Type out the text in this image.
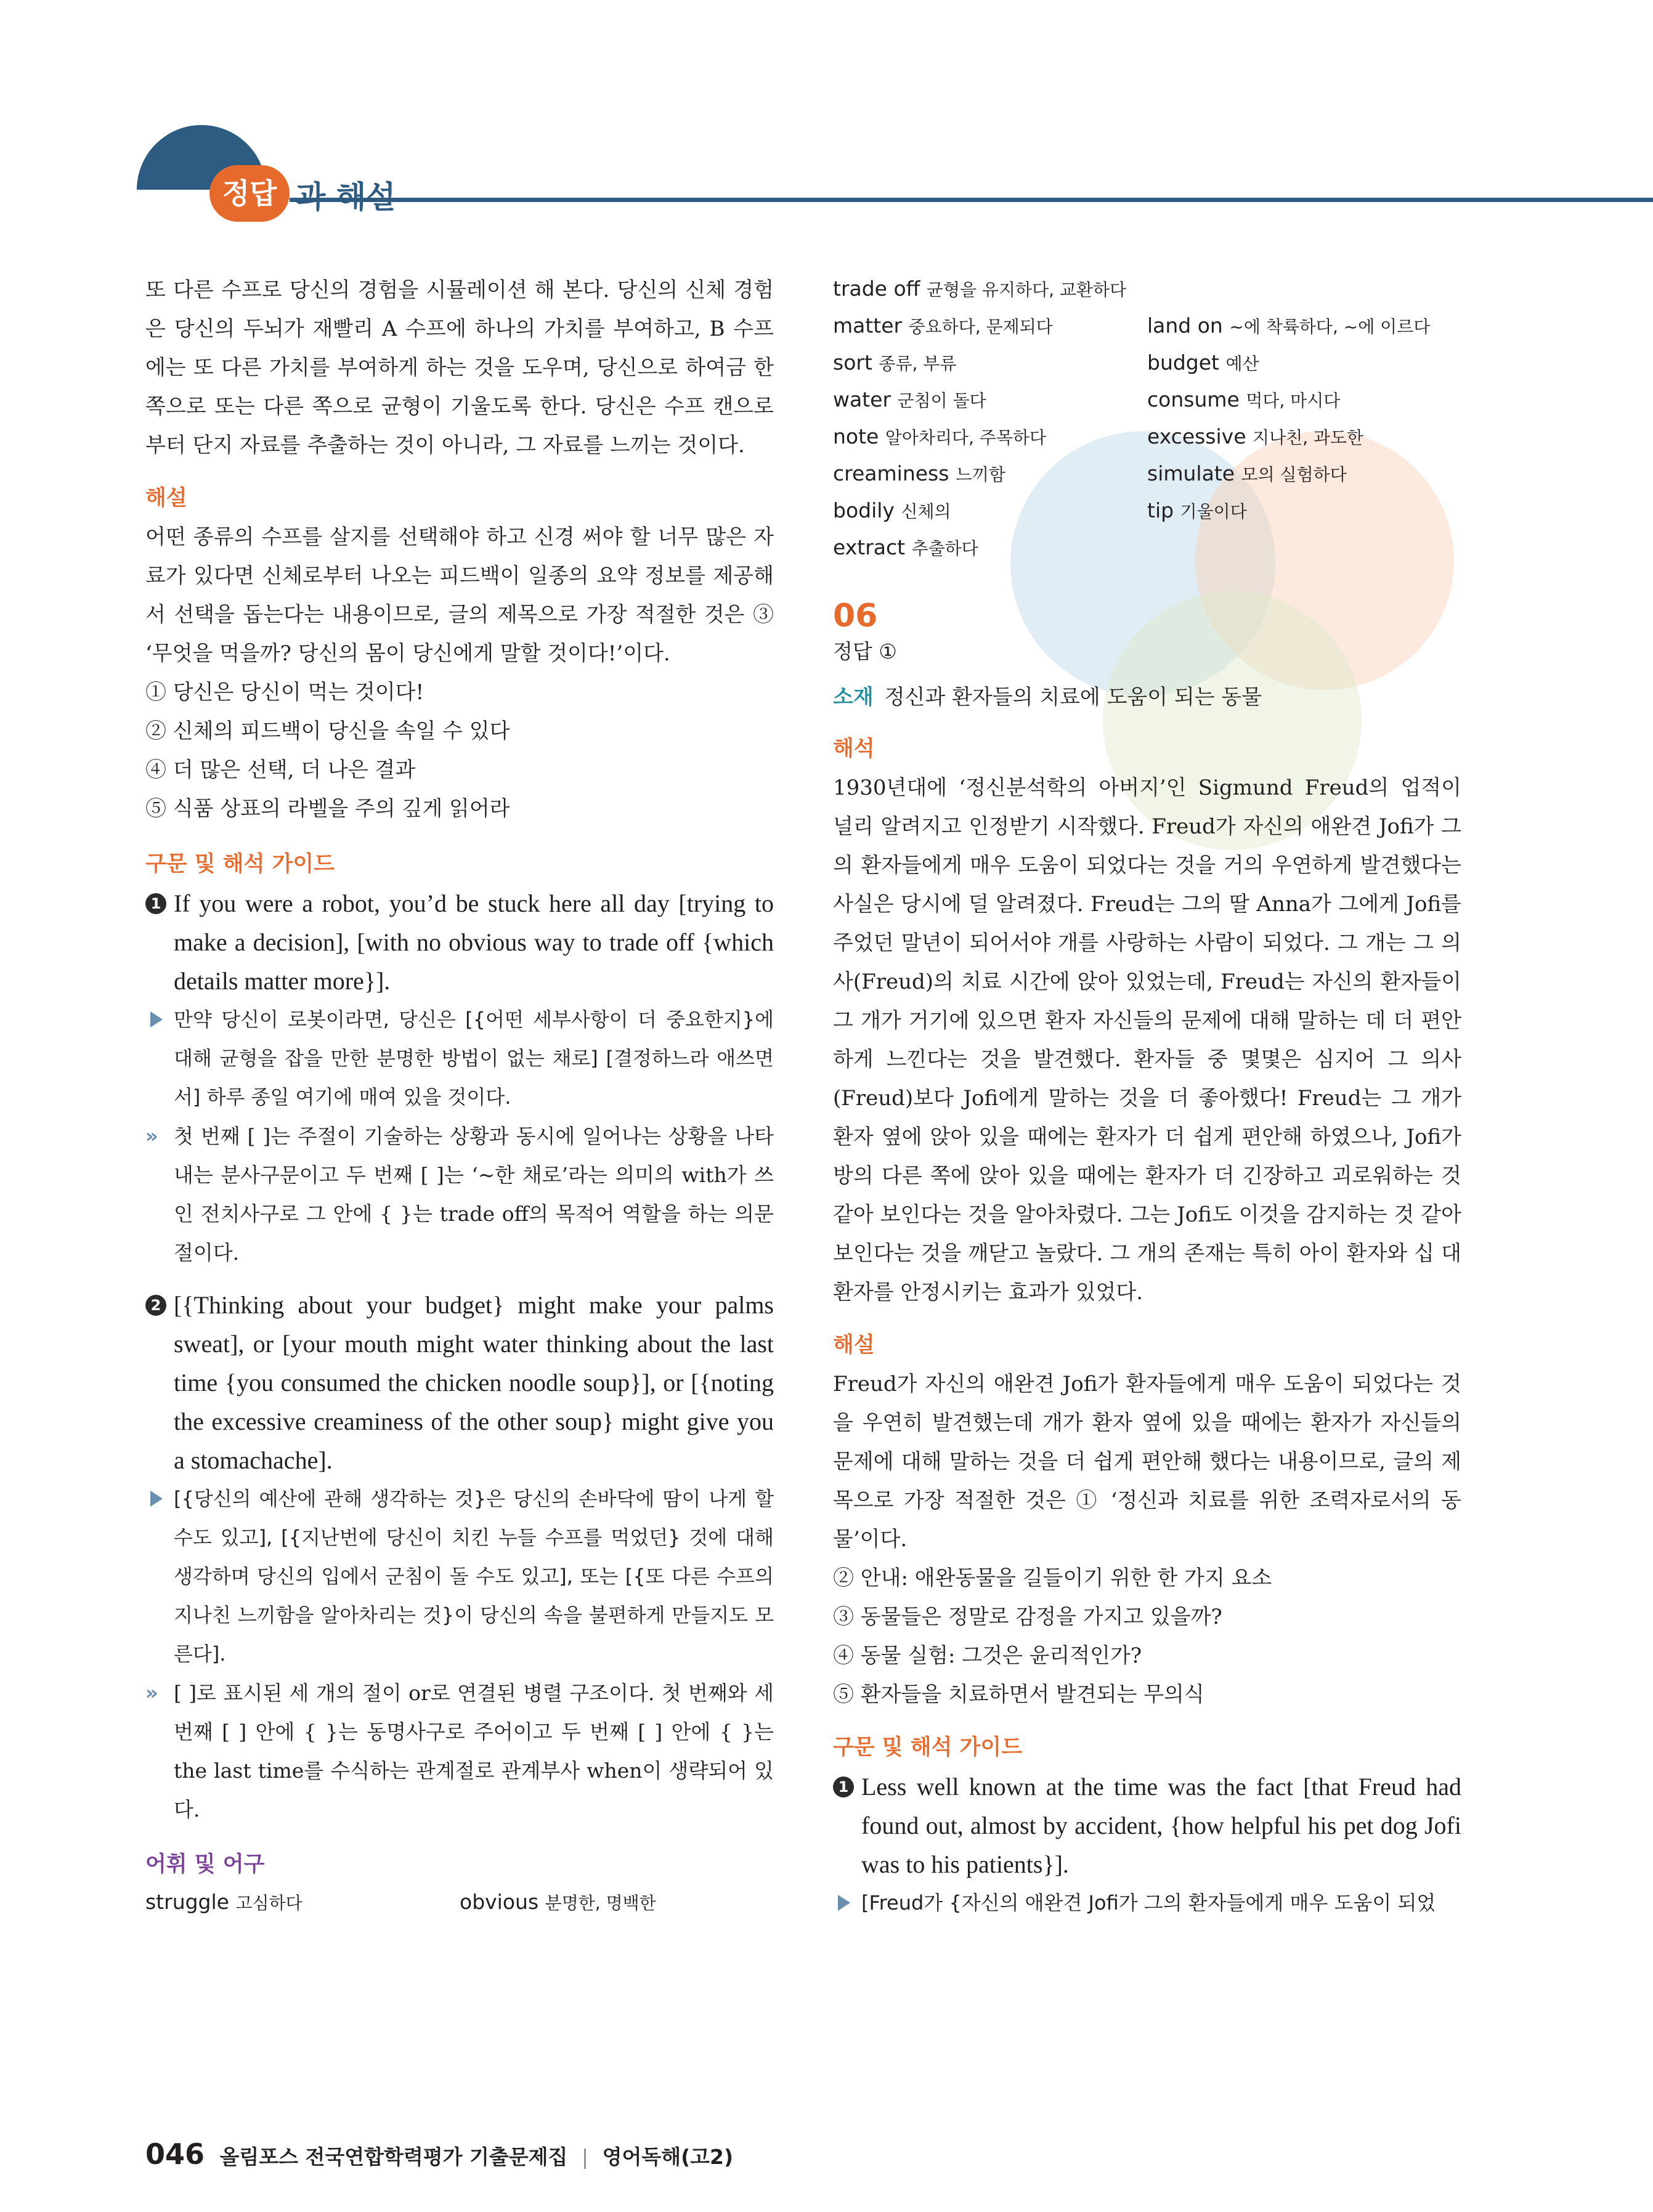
정답 과 해설

또 다른 수프로 당신의 경험을 시뮬레이션 해 본다. 당신의 신체 경험은 당신의 두뇌가 재빨리 A 수프에 하나의 가치를 부여하고, B 수프에는 또 다른 가치를 부여하게 하는 것을 도우며, 당신으로 하여금 한 쪽으로 또는 다른 쪽으로 균형이 기울도록 한다. 당신은 수프 캔으로부터 단지 자료를 추출하는 것이 아니라, 그 자료를 느끼는 것이다.

해설

어떤 종류의 수프를 살지를 선택해야 하고 신경 써야 할 너무 많은 자료가 있다면 신체로부터 나오는 피드백이 일종의 요약 정보를 제공해서 선택을 돕는다는 내용이므로, 글의 제목으로 가장 적절한 것은 ③ ‘무엇을 먹을까? 당신의 몸이 당신에게 말할 것이다!’이다.

① 당신은 당신이 먹는 것이다!

② 신체의 피드백이 당신을 속일 수 있다

④ 더 많은 선택, 더 나은 결과

⑤ 식품 상표의 라벨을 주의 깊게 읽어라

구문 및 해석 가이드
1 If you were a robot, you’d be stuck here all day [trying to make a decision], [with no obvious way to trade off {which details matter more}].

만약 당신이 로봇이라면, 당신은 [{어떤 세부사항이 더 중요한지}에 대해 균형을 잡을 만한 분명한 방법이 없는 채로] [결정하느라 애쓰면서] 하루 종일 여기에 매여 있을 것이다.

» 첫 번째 [ ]는 주절이 기술하는 상황과 동시에 일어나는 상황을 나타내는 분사구문이고 두 번째 [ ]는 ‘~한 채로’라는 의미의 with가 쓰인 전치사구로 그 안에 { }는 trade off의 목적어 역할을 하는 의문절이다.

2 [{Thinking about your budget} might make your palms sweat], or [your mouth might water thinking about the last time {you consumed the chicken noodle soup}], or [{noting the excessive creaminess of the other soup} might give you a stomachache].

[{당신의 예산에 관해 생각하는 것}은 당신의 손바닥에 땀이 나게 할 수도 있고], [{지난번에 당신이 치킨 누들 수프를 먹었던} 것에 대해 생각하며 당신의 입에서 군침이 돌 수도 있고], 또는 [{또 다른 수프의 지나친 느끼함을 알아차리는 것}이 당신의 속을 불편하게 만들지도 모른다].

» [ ]로 표시된 세 개의 절이 or로 연결된 병렬 구조이다. 첫 번째와 세 번째 [ ] 안에 { }는 동명사구로 주어이고 두 번째 [ ] 안에 { }는 the last time를 수식하는 관계절로 관계부사 when이 생략되어 있다.

어휘 및 어구
struggle 고심하다	obvious 분명한, 명백한
trade off 균형을 유지하다, 교환하다
matter 중요하다, 문제되다	land on ~에 착륙하다, ~에 이르다
sort 종류, 부류	budget 예산
water 군침이 돌다	consume 먹다, 마시다
note 알아차리다, 주목하다	excessive 지나친, 과도한
creaminess 느끼함	simulate 모의 실험하다
bodily 신체의	tip 기울이다
extract 추출하다
06
정답 ①

소재 정신과 환자들의 치료에 도움이 되는 동물

해석

1930년대에 ‘정신분석학의 아버지’인 Sigmund Freud의 업적이 널리 알려지고 인정받기 시작했다. Freud가 자신의 애완견 Jofi가 그의 환자들에게 매우 도움이 되었다는 것을 거의 우연하게 발견했다는 사실은 당시에 덜 알려졌다. Freud는 그의 딸 Anna가 그에게 Jofi를 주었던 말년이 되어서야 개를 사랑하는 사람이 되었다. 그 개는 그 의사(Freud)의 치료 시간에 앉아 있었는데, Freud는 자신의 환자들이 그 개가 거기에 있으면 환자 자신들의 문제에 대해 말하는 데 더 편안하게 느낀다는 것을 발견했다. 환자들 중 몇몇은 심지어 그 의사(Freud)보다 Jofi에게 말하는 것을 더 좋아했다! Freud는 그 개가 환자 옆에 앉아 있을 때에는 환자가 더 쉽게 편안해 하였으나, Jofi가 방의 다른 쪽에 앉아 있을 때에는 환자가 더 긴장하고 괴로워하는 것 같아 보인다는 것을 알아차렸다. 그는 Jofi도 이것을 감지하는 것 같아 보인다는 것을 깨닫고 놀랐다. 그 개의 존재는 특히 아이 환자와 십 대 환자를 안정시키는 효과가 있었다.

해설

Freud가 자신의 애완견 Jofi가 환자들에게 매우 도움이 되었다는 것을 우연히 발견했는데 개가 환자 옆에 있을 때에는 환자가 자신들의 문제에 대해 말하는 것을 더 쉽게 편안해 했다는 내용이므로, 글의 제목으로 가장 적절한 것은 ① ‘정신과 치료를 위한 조력자로서의 동물’이다.

② 안내: 애완동물을 길들이기 위한 한 가지 요소

③ 동물들은 정말로 감정을 가지고 있을까?

④ 동물 실험: 그것은 윤리적인가?

⑤ 환자들을 치료하면서 발견되는 무의식

구문 및 해석 가이드
1 Less well known at the time was the fact [that Freud had found out, almost by accident, {how helpful his pet dog Jofi was to his patients}].

[Freud가 {자신의 애완견 Jofi가 그의 환자들에게 매우 도움이 되었

046 올림포스 전국연합학력평가 기출문제집 | 영어독해(고2)
